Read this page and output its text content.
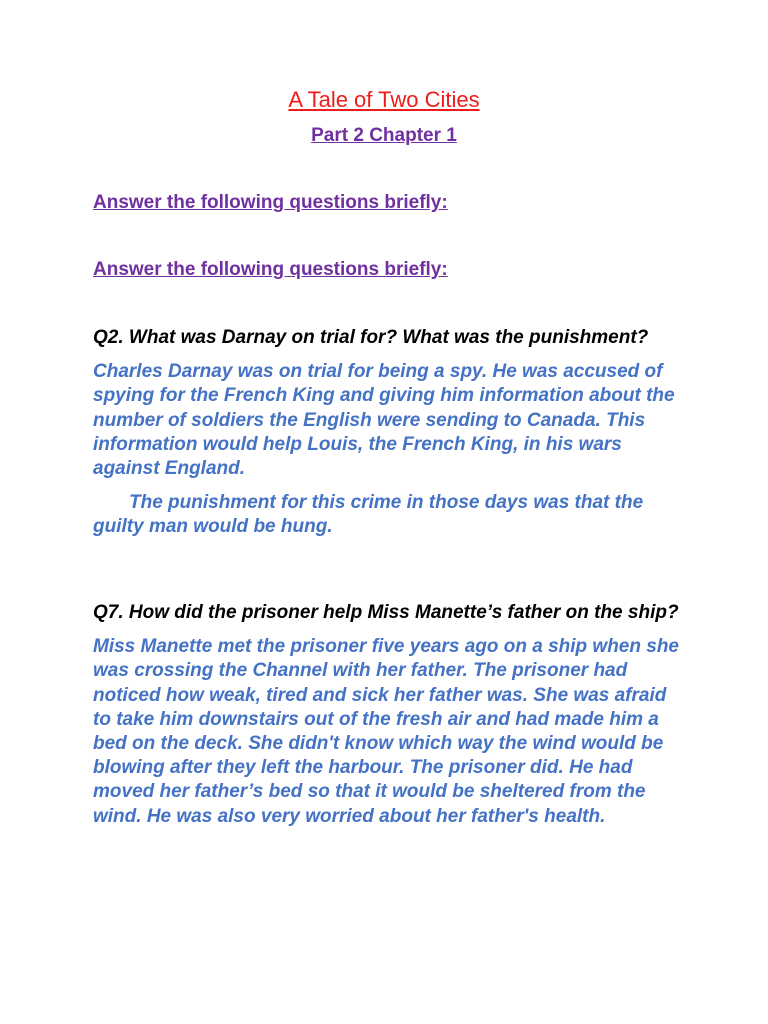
A Tale of Two Cities
Part 2 Chapter 1

Answer the following questions briefly:

Answer the following questions briefly:

Q2. What was Darnay on trial for? What was the punishment?

Charles Darnay was on trial for being a spy. He was accused of spying for the French King and giving him information about the number of soldiers the English were sending to Canada. This information would help Louis, the French King, in his wars against England.

The punishment for this crime in those days was that the guilty man would be hung.

Q7. How did the prisoner help Miss Manette’s father on the ship?

Miss Manette met the prisoner five years ago on a ship when she was crossing the Channel with her father. The prisoner had noticed how weak, tired and sick her father was. She was afraid to take him downstairs out of the fresh air and had made him a bed on the deck. She didn't know which way the wind would be blowing after they left the harbour. The prisoner did. He had moved her father’s bed so that it would be sheltered from the wind. He was also very worried about her father's health.
